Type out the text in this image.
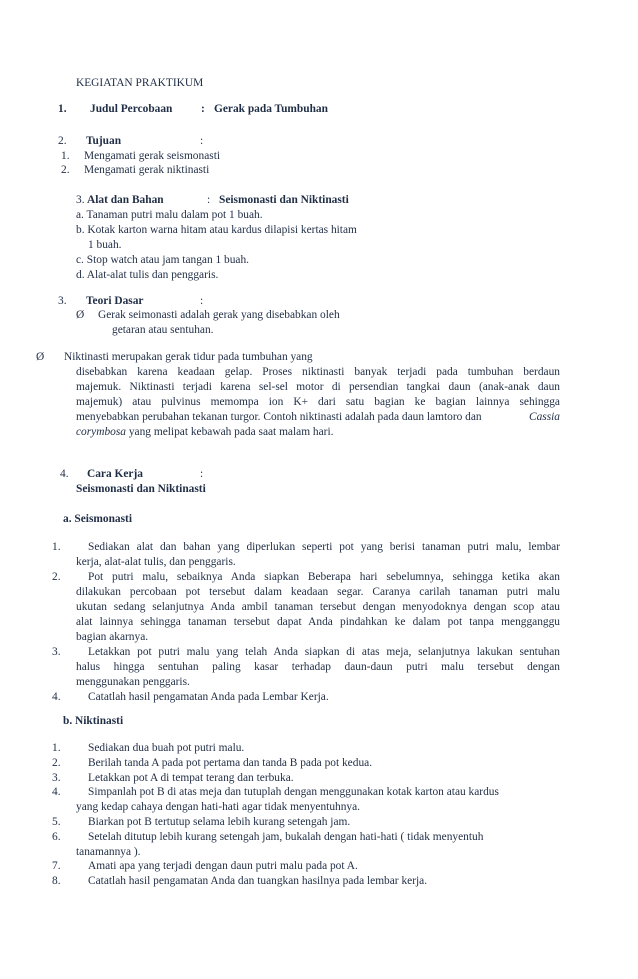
KEGIATAN PRAKTIKUM
1. Judul Percobaan	: Gerak pada Tumbuhan
2. Tujuan	:
1. Mengamati gerak seismonasti
2. Mengamati gerak niktinasti
3. Alat dan Bahan	: Seismonasti dan Niktinasti
a. Tanaman putri malu dalam pot 1 buah.
b. Kotak karton warna hitam atau kardus dilapisi kertas hitam
1 buah.
c. Stop watch atau jam tangan 1 buah.
d. Alat-alat tulis dan penggaris.
3. Teori Dasar	:
Ø Gerak seimonasti adalah gerak yang disebabkan oleh
getaran atau sentuhan.
Ø Niktinasti merupakan gerak tidur pada tumbuhan yang
disebabkan karena keadaan gelap. Proses niktinasti banyak terjadi pada tumbuhan berdaun
majemuk. Niktinasti terjadi karena sel-sel motor di persendian tangkai daun (anak-anak daun
majemuk) atau pulvinus memompa ion K+ dari satu bagian ke bagian lainnya sehingga
menyebabkan perubahan tekanan turgor. Contoh niktinasti adalah pada daun lamtoro dan	Cassia
corymbosa yang melipat kebawah pada saat malam hari.
4. Cara Kerja	:
Seismonasti dan Niktinasti
a. Seismonasti
1. Sediakan alat dan bahan yang diperlukan seperti pot yang berisi tanaman putri malu, lembar
kerja, alat-alat tulis, dan penggaris.
2. Pot putri malu, sebaiknya Anda siapkan Beberapa hari sebelumnya, sehingga ketika akan
dilakukan percobaan pot tersebut dalam keadaan segar. Caranya carilah tanaman putri malu
ukutan sedang selanjutnya Anda ambil tanaman tersebut dengan menyodoknya dengan scop atau
alat lainnya sehingga tanaman tersebut dapat Anda pindahkan ke dalam pot tanpa mengganggu
bagian akarnya.
3. Letakkan pot putri malu yang telah Anda siapkan di atas meja, selanjutnya lakukan sentuhan
halus hingga sentuhan paling kasar terhadap daun-daun putri malu tersebut dengan
menggunakan penggaris.
4. Catatlah hasil pengamatan Anda pada Lembar Kerja.
b. Niktinasti
1. Sediakan dua buah pot putri malu.
2. Berilah tanda A pada pot pertama dan tanda B pada pot kedua.
3. Letakkan pot A di tempat terang dan terbuka.
4. Simpanlah pot B di atas meja dan tutuplah dengan menggunakan kotak karton atau kardus
yang kedap cahaya dengan hati-hati agar tidak menyentuhnya.
5. Biarkan pot B tertutup selama lebih kurang setengah jam.
6. Setelah ditutup lebih kurang setengah jam, bukalah dengan hati-hati ( tidak menyentuh
tanamannya ).
7. Amati apa yang terjadi dengan daun putri malu pada pot A.
8. Catatlah hasil pengamatan Anda dan tuangkan hasilnya pada lembar kerja.
